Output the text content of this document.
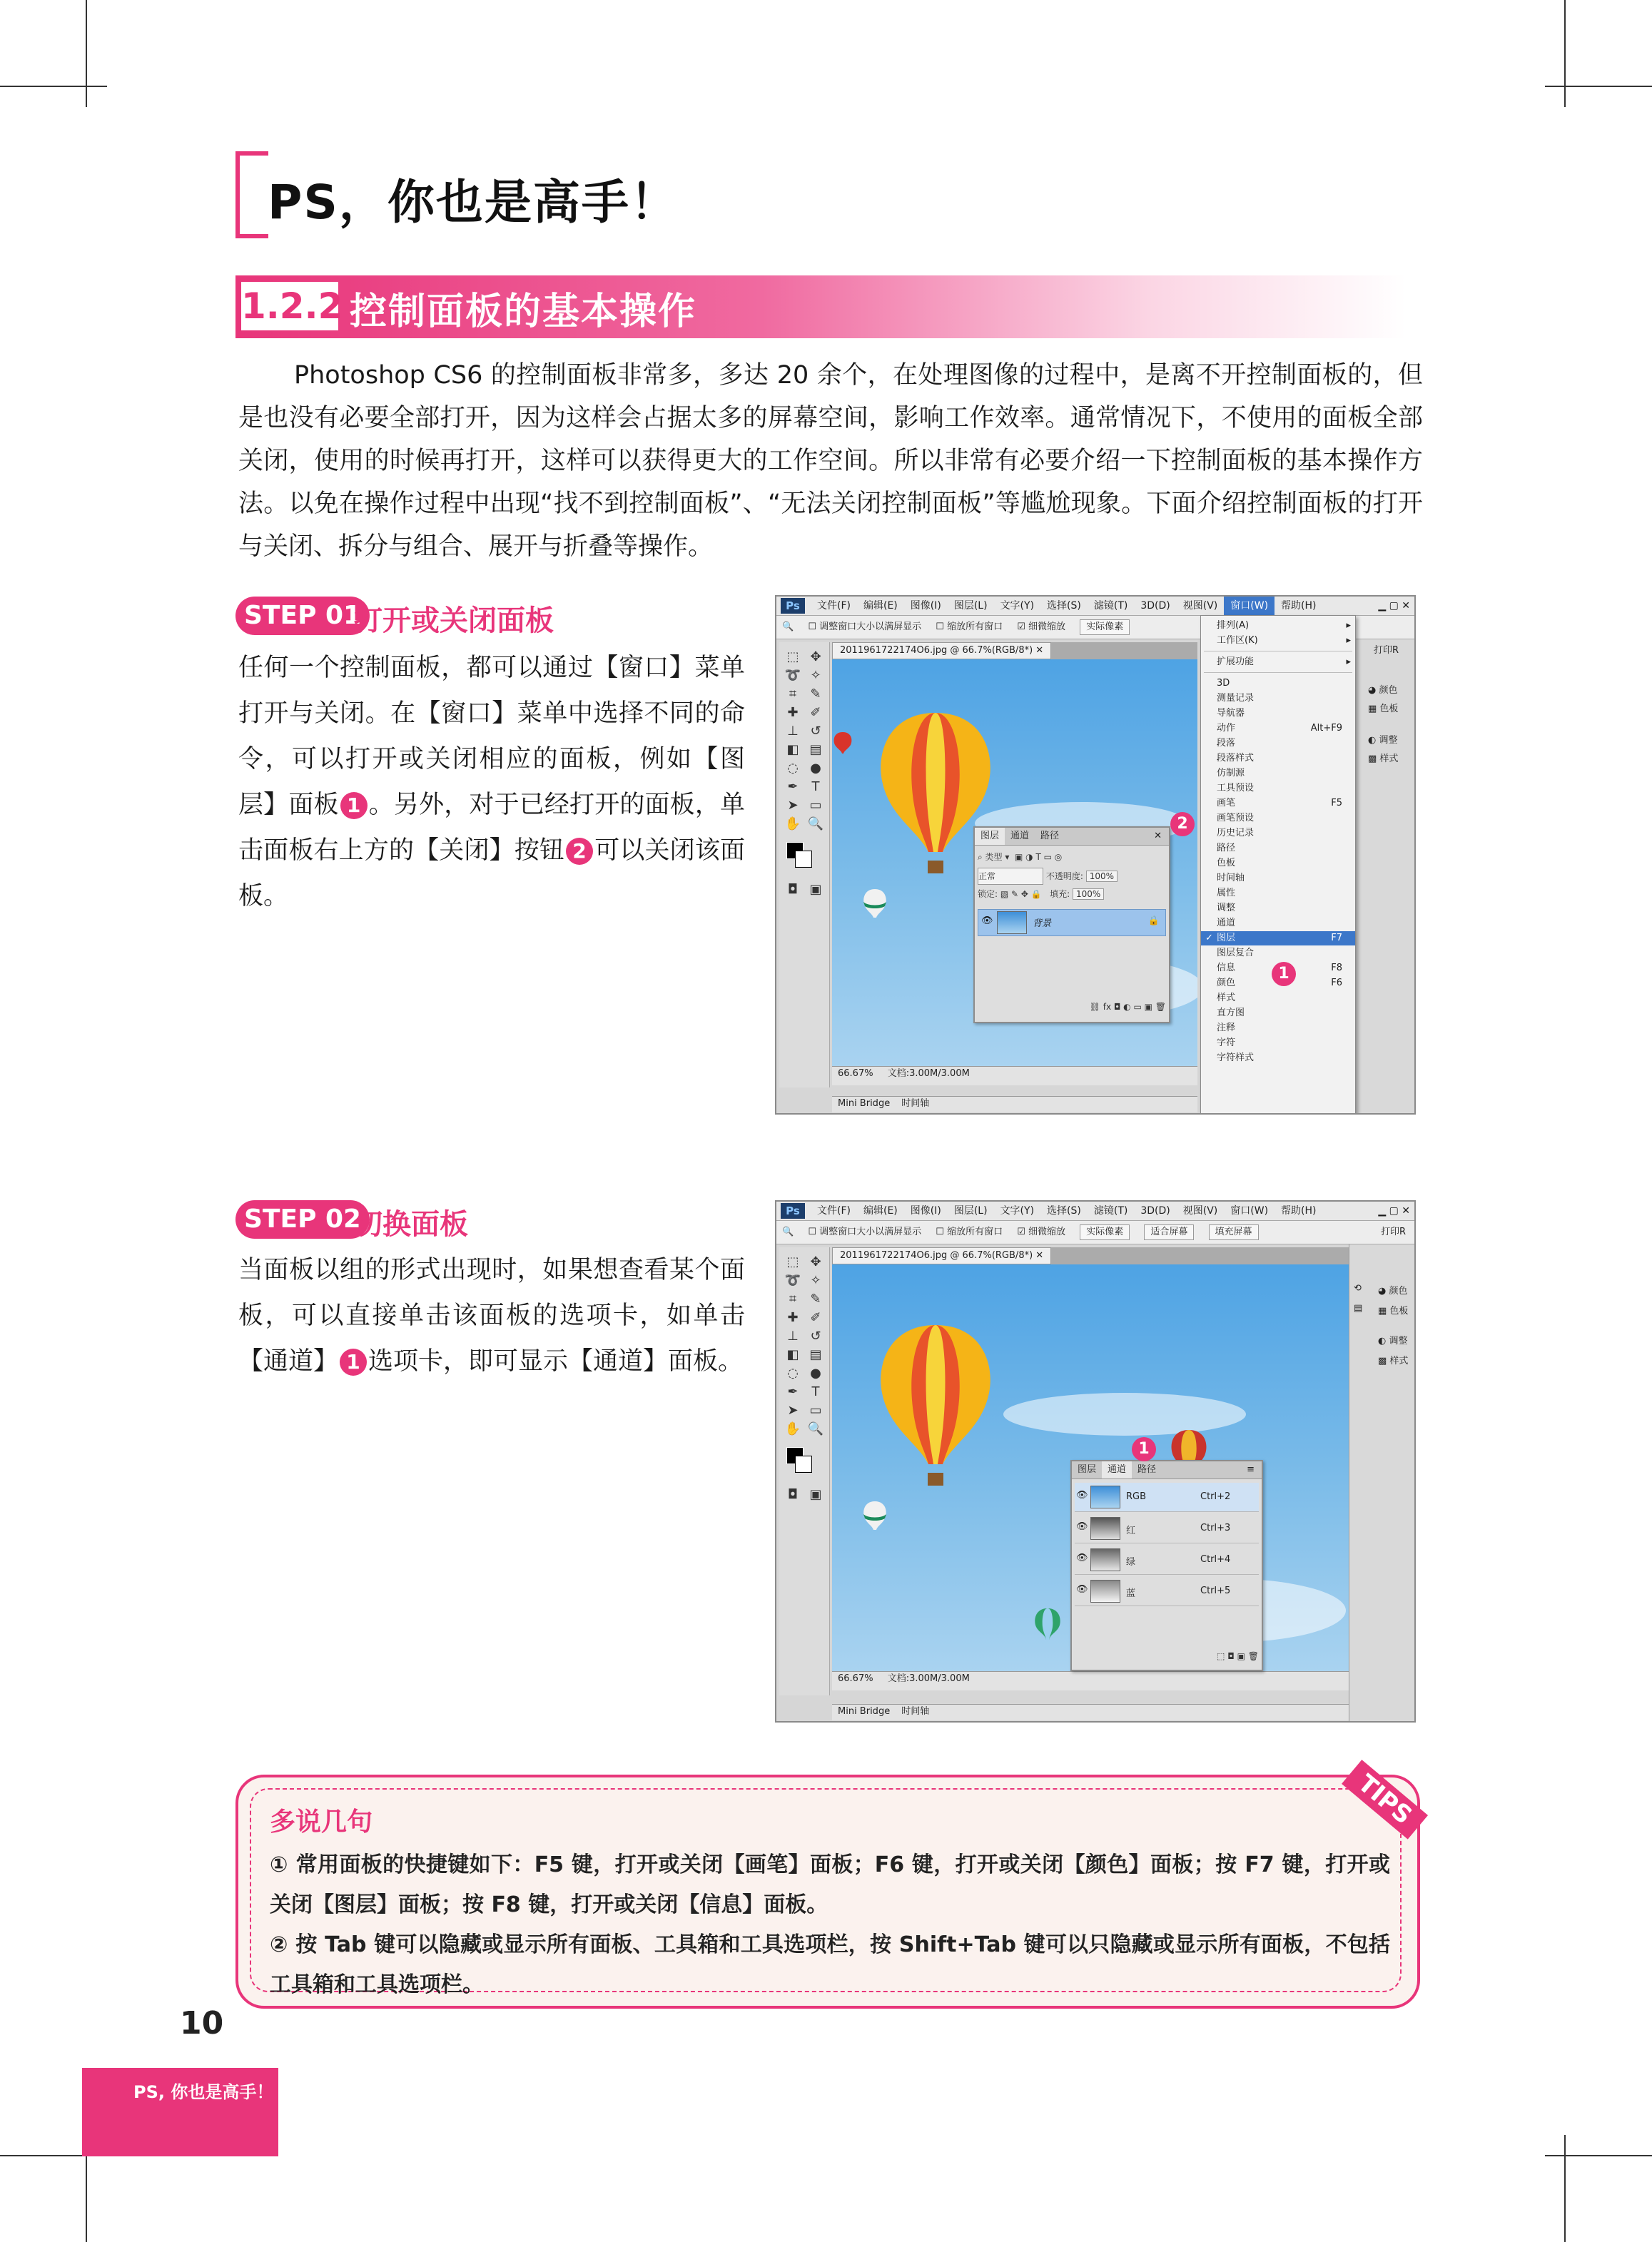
PS，你也是高手！
1.2.2 控制面板的基本操作

Photoshop CS6 的控制面板非常多，多达 20 余个，在处理图像的过程中，是离不开控制面板的，但是也没有必要全部打开，因为这样会占据太多的屏幕空间，影响工作效率。通常情况下，不使用的面板全部关闭，使用的时候再打开，这样可以获得更大的工作空间。所以非常有必要介绍一下控制面板的基本操作方法。以免在操作过程中出现“找不到控制面板”、“无法关闭控制面板”等尴尬现象。下面介绍控制面板的打开与关闭、拆分与组合、展开与折叠等操作。

STEP 01
打开或关闭面板
任何一个控制面板，都可以通过【窗口】菜单打开与关闭。在【窗口】菜单中选择不同的命令，可以打开或关闭相应的面板，例如【图层】面板 1 。另外，对于已经打开的面板，单击面板右上方的【关闭】按钮 2 可以关闭该面板。
Ps 文件(F) 编辑(E) 图像(I) 图层(L) 文字(Y) 选择(S) 滤镜(T) 3D(D) 视图(V) 窗口(W) 帮助(H)	▁ ▢ ✕
🔍 ☐ 调整窗口大小以满屏显示 ☐ 缩放所有窗口 ☑ 细微缩放 实际像素
⬚ ✥
➰ ✧
⌗	✎
✚ ✐
⊥ ↺
◧ ▤
◌ ●
✒	T
➤ ▭
✋ 🔍
◘ ▣
2011961722174O6.jpg @ 66.7%(RGB/8*) ✕
66.67% 文档:3.00M/3.00M
Mini Bridge 时间轴
打印R
◕ 颜色
▦ 色板
◐ 调整
▩ 样式
图层 通道 路径	✕
⌕ 类型 ▾  ▣ ◑ T ▭ ◎
正常	不透明度: 100%
锁定: ▧ ✎ ✥ 🔒   填充: 100%
👁	背景	🔒
⛓ fx ◘ ◐ ▭ ▣ 🗑
排列(A)	▸
工作区(K)	▸
扩展功能	▸
3D
测量记录
导航器
动作	Alt+F9
段落
段落样式
仿制源
工具预设
画笔	F5
画笔预设
历史记录
路径
色板
时间轴
属性
调整
通道
图层
✓	F7
图层复合
信息	F8
颜色	F6
样式
直方图
注释
字符
字符样式
2
1
STEP 02
切换面板
当面板以组的形式出现时，如果想查看某个面板，可以直接单击该面板的选项卡，如单击【通道】 1 选项卡，即可显示【通道】面板。
Ps 文件(F) 编辑(E) 图像(I) 图层(L) 文字(Y) 选择(S) 滤镜(T) 3D(D) 视图(V) 窗口(W) 帮助(H)	▁ ▢ ✕
🔍 ☐ 调整窗口大小以满屏显示 ☐ 缩放所有窗口 ☑ 细微缩放 实际像素	适合屏幕	填充屏幕	打印R
⬚ ✥
➰ ✧
⌗	✎
✚ ✐
⊥ ↺
◧ ▤
◌ ●
✒	T
➤ ▭
✋ 🔍
◘ ▣
2011961722174O6.jpg @ 66.7%(RGB/8*) ✕
66.67% 文档:3.00M/3.00M
Mini Bridge 时间轴
◕ 颜色
▦ 色板
◐ 调整
▩ 样式
⟲
▤
图层 通道 路径	≡
👁	RGB	Ctrl+2
👁	红	Ctrl+3
👁	绿	Ctrl+4
👁	蓝	Ctrl+5
⬚ ◘ ▣ 🗑
1
TIPS
多说几句

① 常用面板的快捷键如下：F5 键，打开或关闭【画笔】面板；F6 键，打开或关闭【颜色】面板；按 F7 键，打开或关闭【图层】面板；按 F8 键，打开或关闭【信息】面板。

② 按 Tab 键可以隐藏或显示所有面板、工具箱和工具选项栏，按 Shift+Tab 键可以只隐藏或显示所有面板，不包括工具箱和工具选项栏。

10
PS, 你也是高手！
